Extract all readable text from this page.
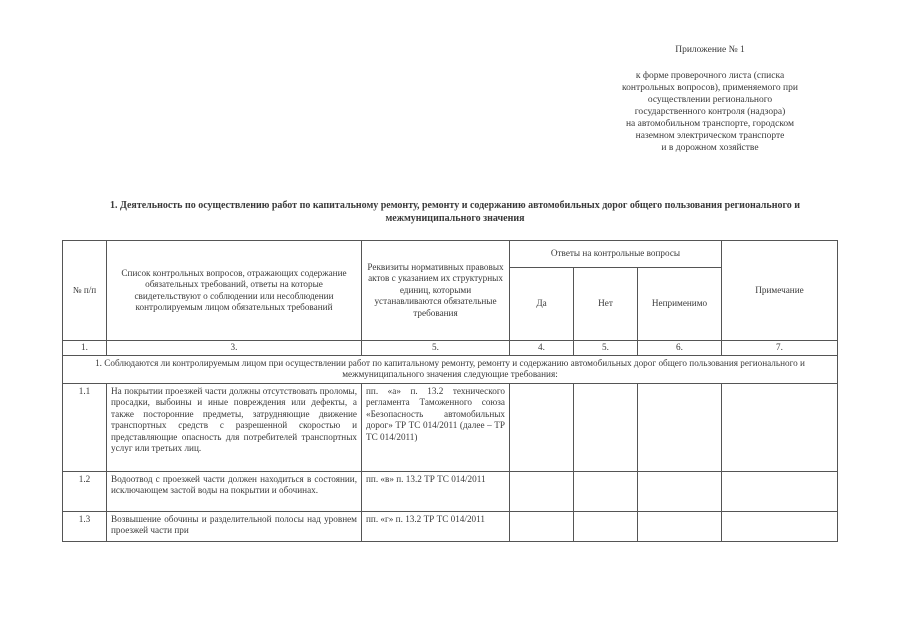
Приложение № 1
к форме проверочного листа (списка
контрольных вопросов), применяемого при
осуществлении регионального
государственного контроля (надзора)
на автомобильном транспорте, городском
наземном электрическом транспорте
и в дорожном хозяйстве
1. Деятельность по осуществлению работ по капитальному ремонту, ремонту и содержанию автомобильных дорог общего пользования регионального и межмуниципального значения
№ п/п	Список контрольных вопросов, отражающих содержание обязательных требований, ответы на которые свидетельствуют о соблюдении или несоблюдении контролируемым лицом обязательных требований	Реквизиты нормативных правовых актов с указанием их структурных единиц, которыми устанавливаются обязательные требования	Ответы на контрольные вопросы			Примечание
			Да	Нет	Неприменимо	
1.	3.	5.	4.	5.	6.	7.
1. Соблюдаются ли контролируемым лицом при осуществлении работ по капитальному ремонту, ремонту и содержанию автомобильных дорог общего пользования регионального и межмуниципального значения следующие требования:						
1.1	На покрытии проезжей части должны отсутствовать проломы, просадки, выбоины и иные повреждения или дефекты, а также посторонние предметы, затрудняющие движение транспортных средств с разрешенной скоростью и представляющие опасность для потребителей транспортных услуг или третьих лиц.	пп. «а» п. 13.2 технического регламента Таможенного союза «Безопасность автомобильных дорог» ТР ТС 014/2011 (далее – ТР ТС 014/2011)				
1.2	Водоотвод с проезжей части должен находиться в состоянии, исключающем застой воды на покрытии и обочинах.	пп. «в» п. 13.2 ТР ТС 014/2011				
1.3	Возвышение обочины и разделительной полосы над уровнем проезжей части при	пп. «г» п. 13.2 ТР ТС 014/2011				
